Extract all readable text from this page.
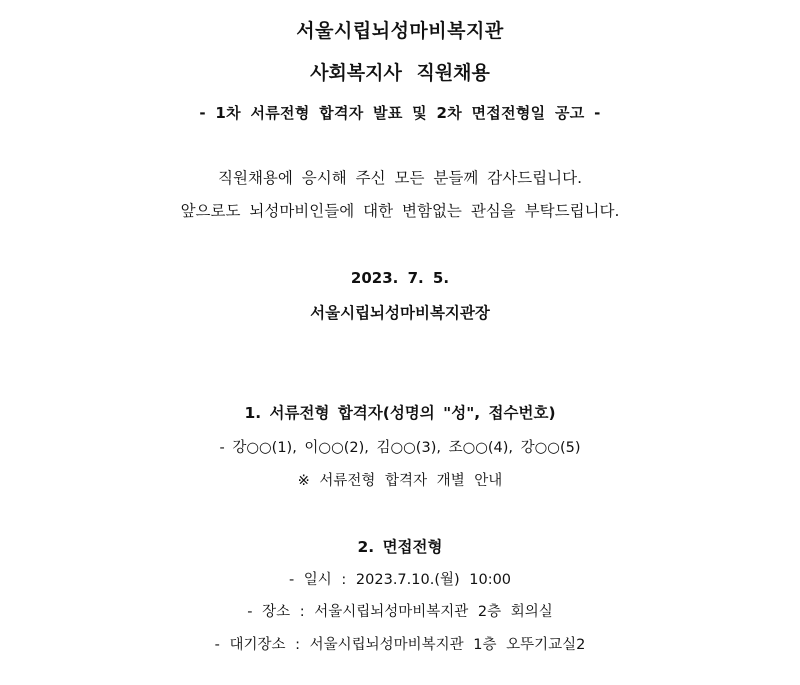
서울시립뇌성마비복지관
사회복지사 직원채용
- 1차 서류전형 합격자 발표 및 2차 면접전형일 공고 -
직원채용에 응시해 주신 모든 분들께 감사드립니다.
앞으로도 뇌성마비인들에 대한 변함없는 관심을 부탁드립니다.
2023. 7. 5.
서울시립뇌성마비복지관장
1. 서류전형 합격자(성명의 "성", 접수번호)
- 강○○(1), 이○○(2), 김○○(3), 조○○(4), 강○○(5)
※ 서류전형 합격자 개별 안내
2. 면접전형
- 일시 : 2023.7.10.(월) 10:00
- 장소 : 서울시립뇌성마비복지관 2층 회의실
- 대기장소 : 서울시립뇌성마비복지관 1층 오뚜기교실2
